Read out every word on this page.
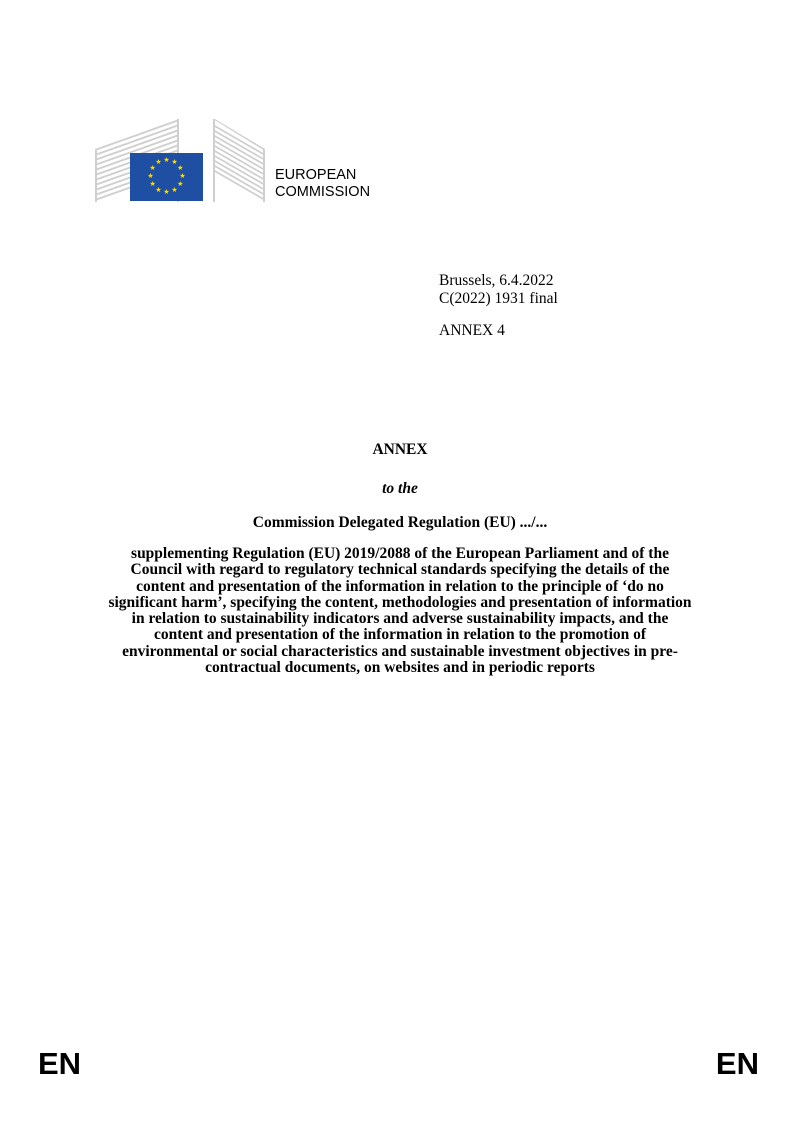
★ ★
★
★
★
★
★
★
★
★
★
★
EUROPEAN
COMMISSION
Brussels, 6.4.2022
C(2022) 1931 final
ANNEX 4
ANNEX
to the
Commission Delegated Regulation (EU) .../...
supplementing Regulation (EU) 2019/2088 of the European Parliament and of the
Council with regard to regulatory technical standards specifying the details of the
content and presentation of the information in relation to the principle of ‘do no
significant harm’, specifying the content, methodologies and presentation of information
in relation to sustainability indicators and adverse sustainability impacts, and the
content and presentation of the information in relation to the promotion of
environmental or social characteristics and sustainable investment objectives in pre-
contractual documents, on websites and in periodic reports
EN	EN
